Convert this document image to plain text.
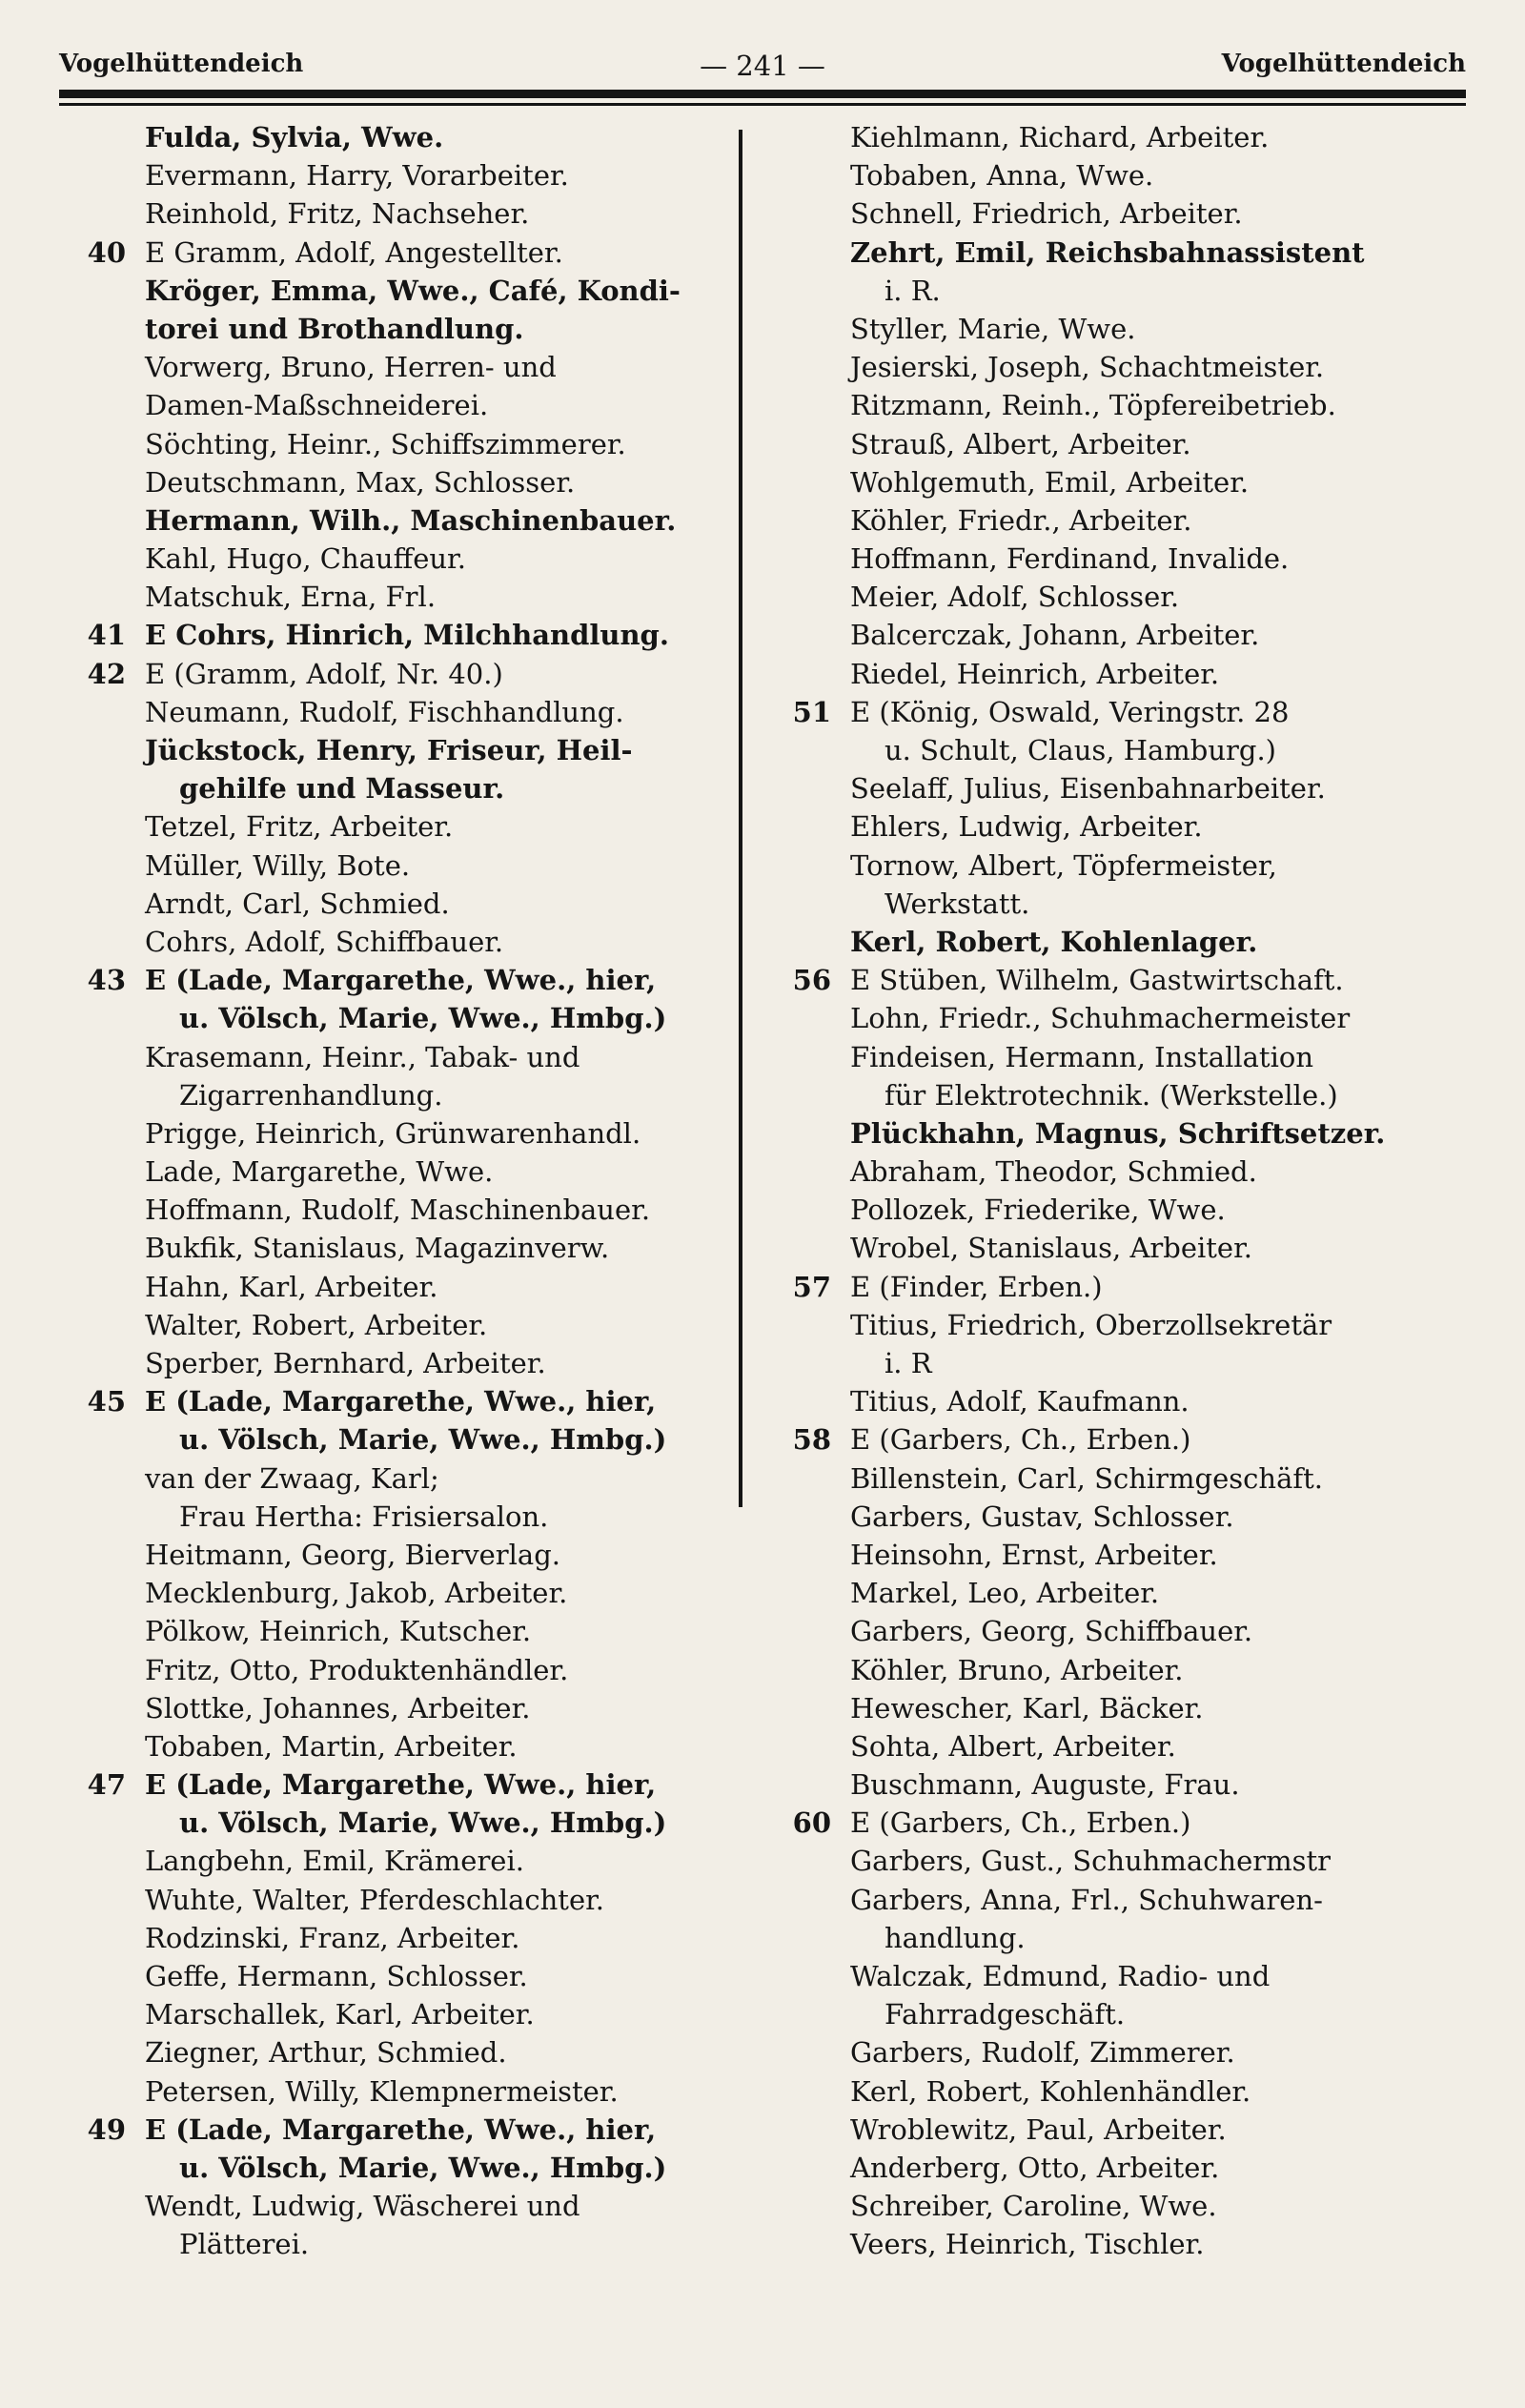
Vogelhüttendeich	— 241 —	Vogelhüttendeich
Fulda, Sylvia, Wwe.
Evermann, Harry, Vorarbeiter.
Reinhold, Fritz, Nachseher.
40 E Gramm, Adolf, Angestellter.
Kröger, Emma, Wwe., Café, Kondi-
torei und Brothandlung.
Vorwerg, Bruno, Herren- und
Damen-Maßschneiderei.
Söchting, Heinr., Schiffszimmerer.
Deutschmann, Max, Schlosser.
Hermann, Wilh., Maschinenbauer.
Kahl, Hugo, Chauffeur.
Matschuk, Erna, Frl.
41 E Cohrs, Hinrich, Milchhandlung.
42 E (Gramm, Adolf, Nr. 40.)
Neumann, Rudolf, Fischhandlung.
Jückstock, Henry, Friseur, Heil-
gehilfe und Masseur.
Tetzel, Fritz, Arbeiter.
Müller, Willy, Bote.
Arndt, Carl, Schmied.
Cohrs, Adolf, Schiffbauer.
43 E (Lade, Margarethe, Wwe., hier,
u. Völsch, Marie, Wwe., Hmbg.)
Krasemann, Heinr., Tabak- und
Zigarrenhandlung.
Prigge, Heinrich, Grünwarenhandl.
Lade, Margarethe, Wwe.
Hoffmann, Rudolf, Maschinenbauer.
Bukfik, Stanislaus, Magazinverw.
Hahn, Karl, Arbeiter.
Walter, Robert, Arbeiter.
Sperber, Bernhard, Arbeiter.
45 E (Lade, Margarethe, Wwe., hier,
u. Völsch, Marie, Wwe., Hmbg.)
van der Zwaag, Karl;
Frau Hertha: Frisiersalon.
Heitmann, Georg, Bierverlag.
Mecklenburg, Jakob, Arbeiter.
Pölkow, Heinrich, Kutscher.
Fritz, Otto, Produktenhändler.
Slottke, Johannes, Arbeiter.
Tobaben, Martin, Arbeiter.
47 E (Lade, Margarethe, Wwe., hier,
u. Völsch, Marie, Wwe., Hmbg.)
Langbehn, Emil, Krämerei.
Wuhte, Walter, Pferdeschlachter.
Rodzinski, Franz, Arbeiter.
Geffe, Hermann, Schlosser.
Marschallek, Karl, Arbeiter.
Ziegner, Arthur, Schmied.
Petersen, Willy, Klempnermeister.
49 E (Lade, Margarethe, Wwe., hier,
u. Völsch, Marie, Wwe., Hmbg.)
Wendt, Ludwig, Wäscherei und
Plätterei.
Kiehlmann, Richard, Arbeiter.
Tobaben, Anna, Wwe.
Schnell, Friedrich, Arbeiter.
Zehrt, Emil, Reichsbahnassistent
i. R.
Styller, Marie, Wwe.
Jesierski, Joseph, Schachtmeister.
Ritzmann, Reinh., Töpfereibetrieb.
Strauß, Albert, Arbeiter.
Wohlgemuth, Emil, Arbeiter.
Köhler, Friedr., Arbeiter.
Hoffmann, Ferdinand, Invalide.
Meier, Adolf, Schlosser.
Balcerczak, Johann, Arbeiter.
Riedel, Heinrich, Arbeiter.
51 E (König, Oswald, Veringstr. 28
u. Schult, Claus, Hamburg.)
Seelaff, Julius, Eisenbahnarbeiter.
Ehlers, Ludwig, Arbeiter.
Tornow, Albert, Töpfermeister,
Werkstatt.
Kerl, Robert, Kohlenlager.
56 E Stüben, Wilhelm, Gastwirtschaft.
Lohn, Friedr., Schuhmachermeister
Findeisen, Hermann, Installation
für Elektrotechnik. (Werkstelle.)
Plückhahn, Magnus, Schriftsetzer.
Abraham, Theodor, Schmied.
Pollozek, Friederike, Wwe.
Wrobel, Stanislaus, Arbeiter.
57 E (Finder, Erben.)
Titius, Friedrich, Oberzollsekretär
i. R
Titius, Adolf, Kaufmann.
58 E (Garbers, Ch., Erben.)
Billenstein, Carl, Schirmgeschäft.
Garbers, Gustav, Schlosser.
Heinsohn, Ernst, Arbeiter.
Markel, Leo, Arbeiter.
Garbers, Georg, Schiffbauer.
Köhler, Bruno, Arbeiter.
Hewescher, Karl, Bäcker.
Sohta, Albert, Arbeiter.
Buschmann, Auguste, Frau.
60 E (Garbers, Ch., Erben.)
Garbers, Gust., Schuhmachermstr
Garbers, Anna, Frl., Schuhwaren-
handlung.
Walczak, Edmund, Radio- und
Fahrradgeschäft.
Garbers, Rudolf, Zimmerer.
Kerl, Robert, Kohlenhändler.
Wroblewitz, Paul, Arbeiter.
Anderberg, Otto, Arbeiter.
Schreiber, Caroline, Wwe.
Veers, Heinrich, Tischler.
